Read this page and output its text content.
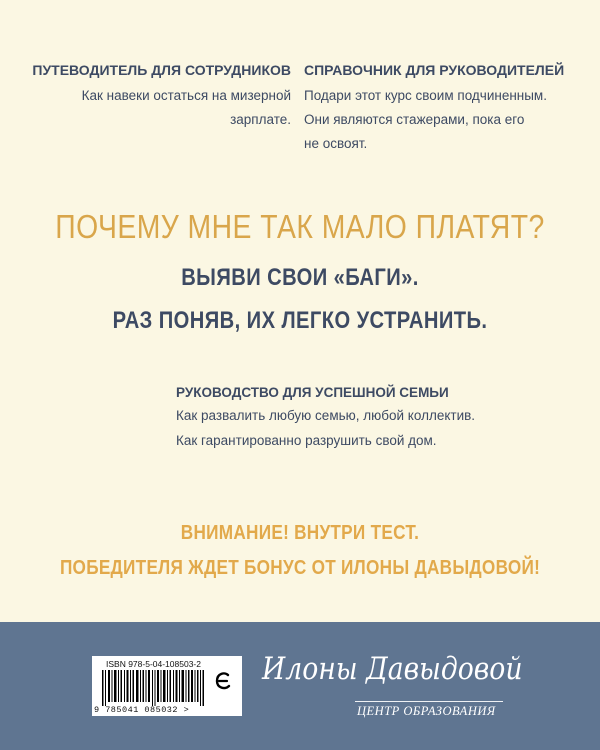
ПУТЕВОДИТЕЛЬ ДЛЯ СОТРУДНИКОВ
Как навеки остаться на мизерной
зарплате.
СПРАВОЧНИК ДЛЯ РУКОВОДИТЕЛЕЙ
Подари этот курс своим подчиненным.
Они являются стажерами, пока его
не освоят.
ПОЧЕМУ МНЕ ТАК МАЛО ПЛАТЯТ?
ВЫЯВИ СВОИ «БАГИ».
РАЗ ПОНЯВ, ИХ ЛЕГКО УСТРАНИТЬ.
РУКОВОДСТВО ДЛЯ УСПЕШНОЙ СЕМЬИ
Как развалить любую семью, любой коллектив.
Как гарантированно разрушить свой дом.
ВНИМАНИЕ! ВНУТРИ ТЕСТ.
ПОБЕДИТЕЛЯ ЖДЕТ БОНУС ОТ ИЛОНЫ ДАВЫДОВОЙ!
ISBN 978-5-04-108503-2
9 785041 085032 >
Илоны Давыдовой
ЦЕНТР ОБРАЗОВАНИЯ
